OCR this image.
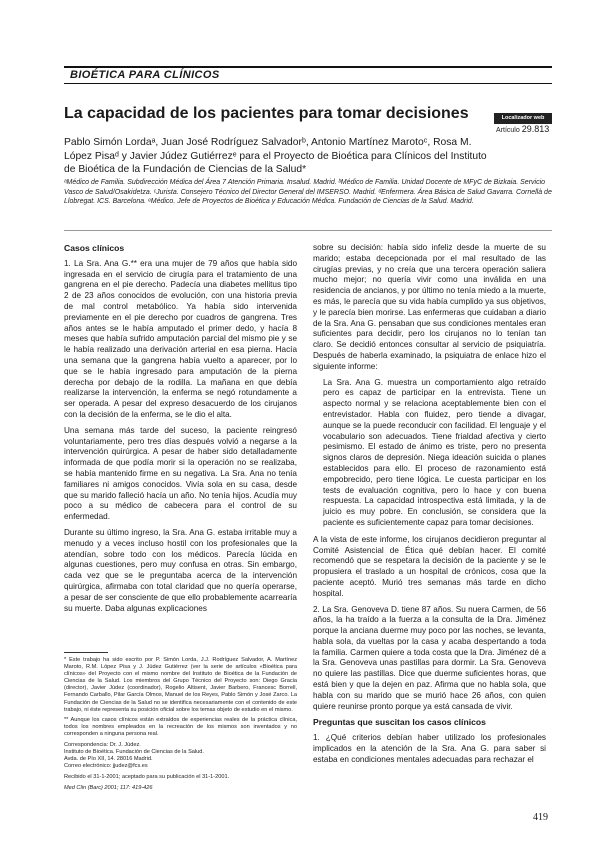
BIOÉTICA PARA CLÍNICOS
La capacidad de los pacientes para tomar decisiones	Localizador web
Artículo 29.813
Pablo Simón Lordaᵃ, Juan José Rodríguez Salvadorᵇ, Antonio Martínez Marotoᶜ, Rosa M. López Pisaᵈ y Javier Júdez Gutiérrezᵉ para el Proyecto de Bioética para Clínicos del Instituto de Bioética de la Fundación de Ciencias de la Salud*
ᵃMédico de Familia. Subdirección Médica del Área 7 Atención Primaria. Insalud. Madrid. ᵇMédico de Familia. Unidad Docente de MFyC de Bizkaia. Servicio Vasco de Salud/Osakidetza. ᶜJurista. Consejero Técnico del Director General del IMSERSO. Madrid. ᵈEnfermera. Área Básica de Salud Gavarra. Cornellà de Llobregat. ICS. Barcelona. ᵉMédico. Jefe de Proyectos de Bioética y Educación Médica. Fundación de Ciencias de la Salud. Madrid.
Casos clínicos

1. La Sra. Ana G.** era una mujer de 79 años que había sido ingresada en el servicio de cirugía para el tratamiento de una gangrena en el pie derecho. Padecía una diabetes mellitus tipo 2 de 23 años conocidos de evolución, con una historia previa de mal control metabólico. Ya había sido intervenida previamente en el pie derecho por cuadros de gangrena. Tres años antes se le había amputado el primer dedo, y hacía 8 meses que había sufrido amputación parcial del mismo pie y se le había realizado una derivación arterial en esa pierna. Hacía una semana que la gangrena había vuelto a aparecer, por lo que se le había ingresado para amputación de la pierna derecha por debajo de la rodilla. La mañana en que debía realizarse la intervención, la enferma se negó rotundamente a ser operada. A pesar del expreso desacuerdo de los cirujanos con la decisión de la enferma, se le dio el alta.

Una semana más tarde del suceso, la paciente reingresó voluntariamente, pero tres días después volvió a negarse a la intervención quirúrgica. A pesar de haber sido detalladamente informada de que podía morir si la operación no se realizaba, se había mantenido firme en su negativa. La Sra. Ana no tenía familiares ni amigos conocidos. Vivía sola en su casa, desde que su marido falleció hacía un año. No tenía hijos. Acudía muy poco a su médico de cabecera para el control de su enfermedad.

Durante su último ingreso, la Sra. Ana G. estaba irritable muy a menudo y a veces incluso hostil con los profesionales que la atendían, sobre todo con los médicos. Parecía lúcida en algunas cuestiones, pero muy confusa en otras. Sin embargo, cada vez que se le preguntaba acerca de la intervención quirúrgica, afirmaba con total claridad que no quería operarse, a pesar de ser consciente de que ello probablemente acarrearía su muerte. Daba algunas explicaciones

sobre su decisión: había sido infeliz desde la muerte de su marido; estaba decepcionada por el mal resultado de las cirugías previas, y no creía que una tercera operación saliera mucho mejor; no quería vivir como una inválida en una residencia de ancianos, y por último no tenía miedo a la muerte, es más, le parecía que su vida había cumplido ya sus objetivos, y le parecía bien morirse. Las enfermeras que cuidaban a diario de la Sra. Ana G. pensaban que sus condiciones mentales eran suficientes para decidir, pero los cirujanos no lo tenían tan claro. Se decidió entonces consultar al servicio de psiquiatría. Después de haberla examinado, la psiquiatra de enlace hizo el siguiente informe:

La Sra. Ana G. muestra un comportamiento algo retraído pero es capaz de participar en la entrevista. Tiene un aspecto normal y se relaciona aceptablemente bien con el entrevistador. Habla con fluidez, pero tiende a divagar, aunque se la puede reconducir con facilidad. El lenguaje y el vocabulario son adecuados. Tiene frialdad afectiva y cierto pesimismo. El estado de ánimo es triste, pero no presenta signos claros de depresión. Niega ideación suicida o planes establecidos para ello. El proceso de razonamiento está empobrecido, pero tiene lógica. Le cuesta participar en los tests de evaluación cognitiva, pero lo hace y con buena respuesta. La capacidad introspectiva está limitada, y la de juicio es muy pobre. En conclusión, se considera que la paciente es suficientemente capaz para tomar decisiones.

A la vista de este informe, los cirujanos decidieron preguntar al Comité Asistencial de Ética qué debían hacer. El comité recomendó que se respetara la decisión de la paciente y se le propusiera el traslado a un hospital de crónicos, cosa que la paciente aceptó. Murió tres semanas más tarde en dicho hospital.

2. La Sra. Genoveva D. tiene 87 años. Su nuera Carmen, de 56 años, la ha traído a la fuerza a la consulta de la Dra. Jiménez porque la anciana duerme muy poco por las noches, se levanta, habla sola, da vueltas por la casa y acaba despertando a toda la familia. Carmen quiere a toda costa que la Dra. Jiménez dé a la Sra. Genoveva unas pastillas para dormir. La Sra. Genoveva no quiere las pastillas. Dice que duerme suficientes horas, que está bien y que la dejen en paz. Afirma que no habla sola, que habla con su marido que se murió hace 26 años, con quien quiere reunirse pronto porque ya está cansada de vivir.

Preguntas que suscitan los casos clínicos

1. ¿Qué criterios debían haber utilizado los profesionales implicados en la atención de la Sra. Ana G. para saber si estaba en condiciones mentales adecuadas para rechazar el

* Este trabajo ha sido escrito por P. Simón Lorda, J.J. Rodríguez Salvador, A. Martínez Maroto, R.M. López Pisa y J. Júdez Gutiérrez (ver la serie de artículos «Bioética para clínicos» del Proyecto con el mismo nombre del Instituto de Bioética de la Fundación de Ciencias de la Salud. Los miembros del Grupo Técnico del Proyecto son: Diego Gracia (director), Javier Júdez (coordinador), Rogelio Altisent, Javier Barbero, Francesc Borrell, Fernando Carballo, Pilar García Olmos, Manuel de los Reyes, Pablo Simón y José Zarco. La Fundación de Ciencias de la Salud no se identifica necesariamente con el contenido de este trabajo, ni éste representa su posición oficial sobre los temas objeto de estudio en el mismo.

** Aunque los casos clínicos están extraídos de experiencias reales de la práctica clínica, todos los nombres empleados en la recreación de los mismos son inventados y no corresponden a ninguna persona real.

Correspondencia: Dr. J. Júdez.
Instituto de Bioética. Fundación de Ciencias de la Salud.
Avda. de Pío XII, 14. 28016 Madrid.
Correo electrónico: jjudez@fcs.es

Recibido el 31-1-2001; aceptado para su publicación el 31-1-2001.

Med Clin (Barc) 2001; 117: 419-426

419
